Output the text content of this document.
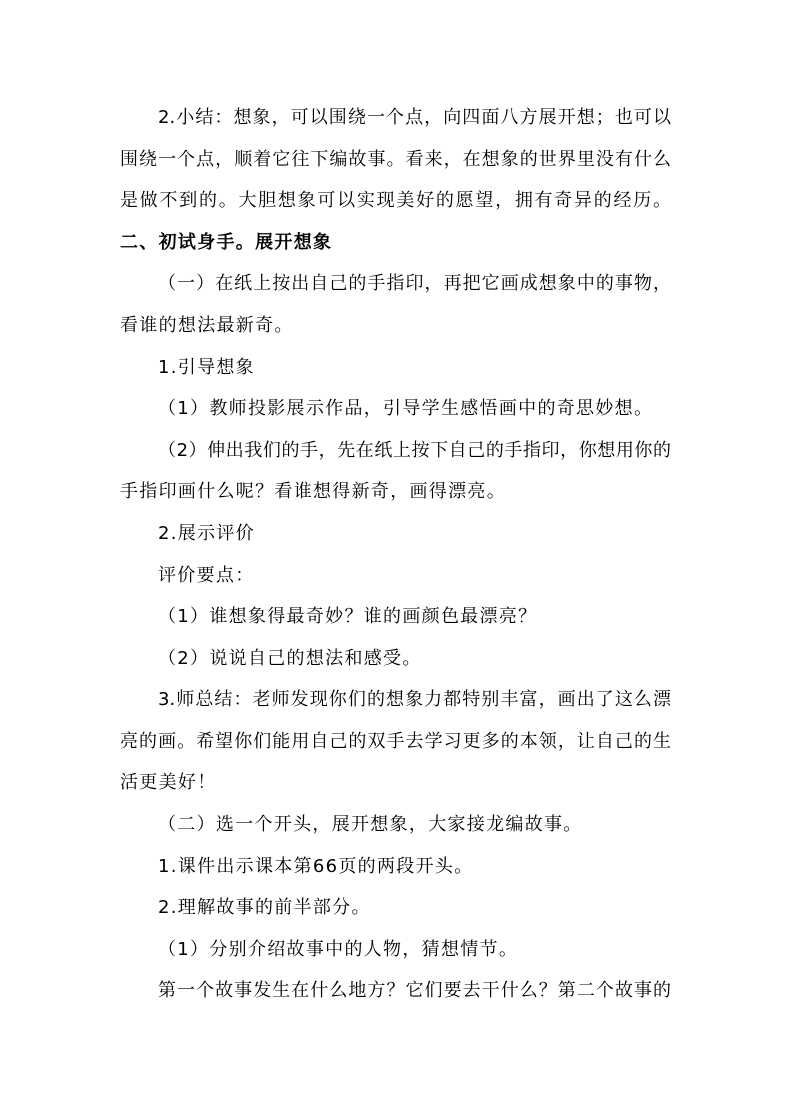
2.小结：想象，可以围绕一个点，向四面八方展开想；也可以
围绕一个点，顺着它往下编故事。看来，在想象的世界里没有什么
是做不到的。大胆想象可以实现美好的愿望，拥有奇异的经历。
二、初试身手。展开想象
（一）在纸上按出自己的手指印，再把它画成想象中的事物，
看谁的想法最新奇。
1.引导想象
（1）教师投影展示作品，引导学生感悟画中的奇思妙想。
（2）伸出我们的手，先在纸上按下自己的手指印，你想用你的
手指印画什么呢？看谁想得新奇，画得漂亮。
2.展示评价
评价要点：
（1）谁想象得最奇妙？谁的画颜色最漂亮？
（2）说说自己的想法和感受。
3.师总结：老师发现你们的想象力都特别丰富，画出了这么漂
亮的画。希望你们能用自己的双手去学习更多的本领，让自己的生
活更美好！
（二）选一个开头，展开想象，大家接龙编故事。
1.课件出示课本第66页的两段开头。
2.理解故事的前半部分。
（1）分别介绍故事中的人物，猜想情节。
第一个故事发生在什么地方？它们要去干什么？第二个故事的
